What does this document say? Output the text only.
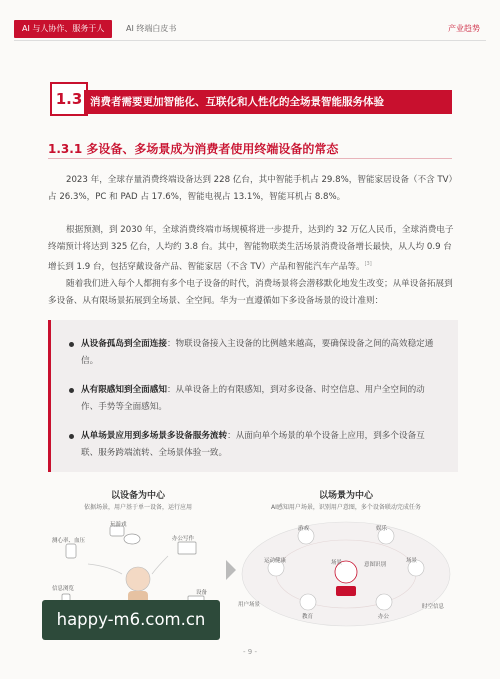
AI 与人协作、服务于人	AI 终端白皮书	产业趋势
1.3 消费者需要更加智能化、互联化和人性化的全场景智能服务体验
1.3.1 多设备、多场景成为消费者使用终端设备的常态
2023 年，全球存量消费终端设备达到 228 亿台，其中智能手机占 29.8%，智能家居设备（不含 TV）占 26.3%，PC 和 PAD 占 17.6%，智能电视占 13.1%，智能耳机占 8.8%。
根据预测，到 2030 年，全球消费终端市场规模将进一步提升，达到约 32 万亿人民币，全球消费电子终端预计将达到 325 亿台，人均约 3.8 台。其中，智能物联类生活场景消费设备增长最快，从人均 0.9 台增长到 1.9 台，包括穿戴设备产品、智能家居（不含 TV）产品和智能汽车产品等。[3]
随着我们进入每个人都拥有多个电子设备的时代，消费场景将会潜移默化地发生改变；从单设备拓展到多设备、从有限场景拓展到全场景、全空间。华为一直遵循如下多设备场景的设计准则：
从设备孤岛到全面连接：物联设备接入主设备的比例越来越高，要确保设备之间的高效稳定通信。
从有限感知到全面感知：从单设备上的有限感知，到对多设备、时空信息、用户全空间的动作、手势等全面感知。
从单场景应用到多场景多设备服务流转：从面向单个场景的单个设备上应用，到多个设备互联、服务跨端流转、全场景体验一致。
以设备为中心
依据场景，用户基于单一设备，运行应用
玩游戏
测心率、血压	办公写作
信息浏览
设备
以场景为中心
AI感知用户场景，识别用户意图，多个设备联动完成任务
游戏
运动健康	场景	意图识别
场景
用户场景
教育	办公
娱乐
时空信息
- 9 -
happy-m6.com.cn
